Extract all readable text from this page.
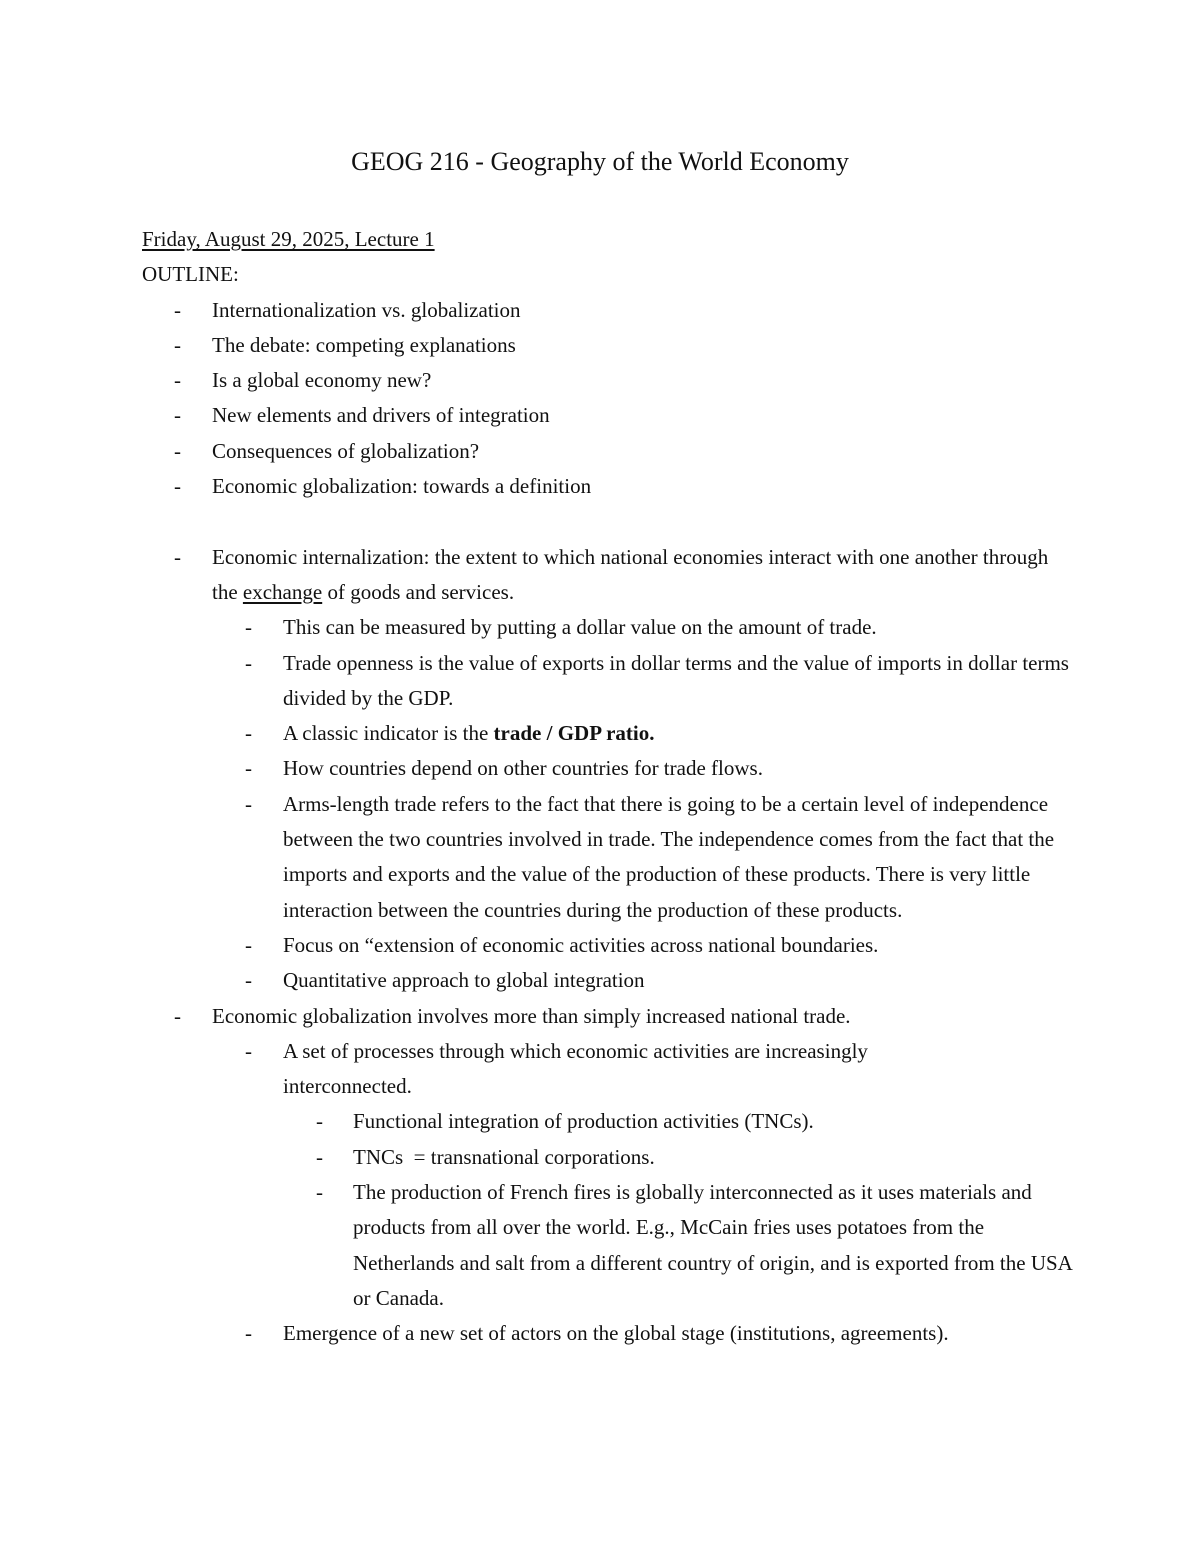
GEOG 216 - Geography of the World Economy
Friday, August 29, 2025, Lecture 1
OUTLINE:
- Internationalization vs. globalization
- The debate: competing explanations
- Is a global economy new?
- New elements and drivers of integration
- Consequences of globalization?
- Economic globalization: towards a definition
- Economic internalization: the extent to which national economies interact with one another through the exchange of goods and services.
- This can be measured by putting a dollar value on the amount of trade.
- Trade openness is the value of exports in dollar terms and the value of imports in dollar terms divided by the GDP.
- A classic indicator is the trade / GDP ratio.
- How countries depend on other countries for trade flows.
- Arms-length trade refers to the fact that there is going to be a certain level of independence between the two countries involved in trade. The independence comes from the fact that the imports and exports and the value of the production of these products. There is very little interaction between the countries during the production of these products.
- Focus on “extension of economic activities across national boundaries.
- Quantitative approach to global integration
- Economic globalization involves more than simply increased national trade.
- A set of processes through which economic activities are increasingly interconnected.
- Functional integration of production activities (TNCs).
- TNCs  = transnational corporations.
- The production of French fires is globally interconnected as it uses materials and products from all over the world. E.g., McCain fries uses potatoes from the Netherlands and salt from a different country of origin, and is exported from the USA or Canada.
- Emergence of a new set of actors on the global stage (institutions, agreements).
